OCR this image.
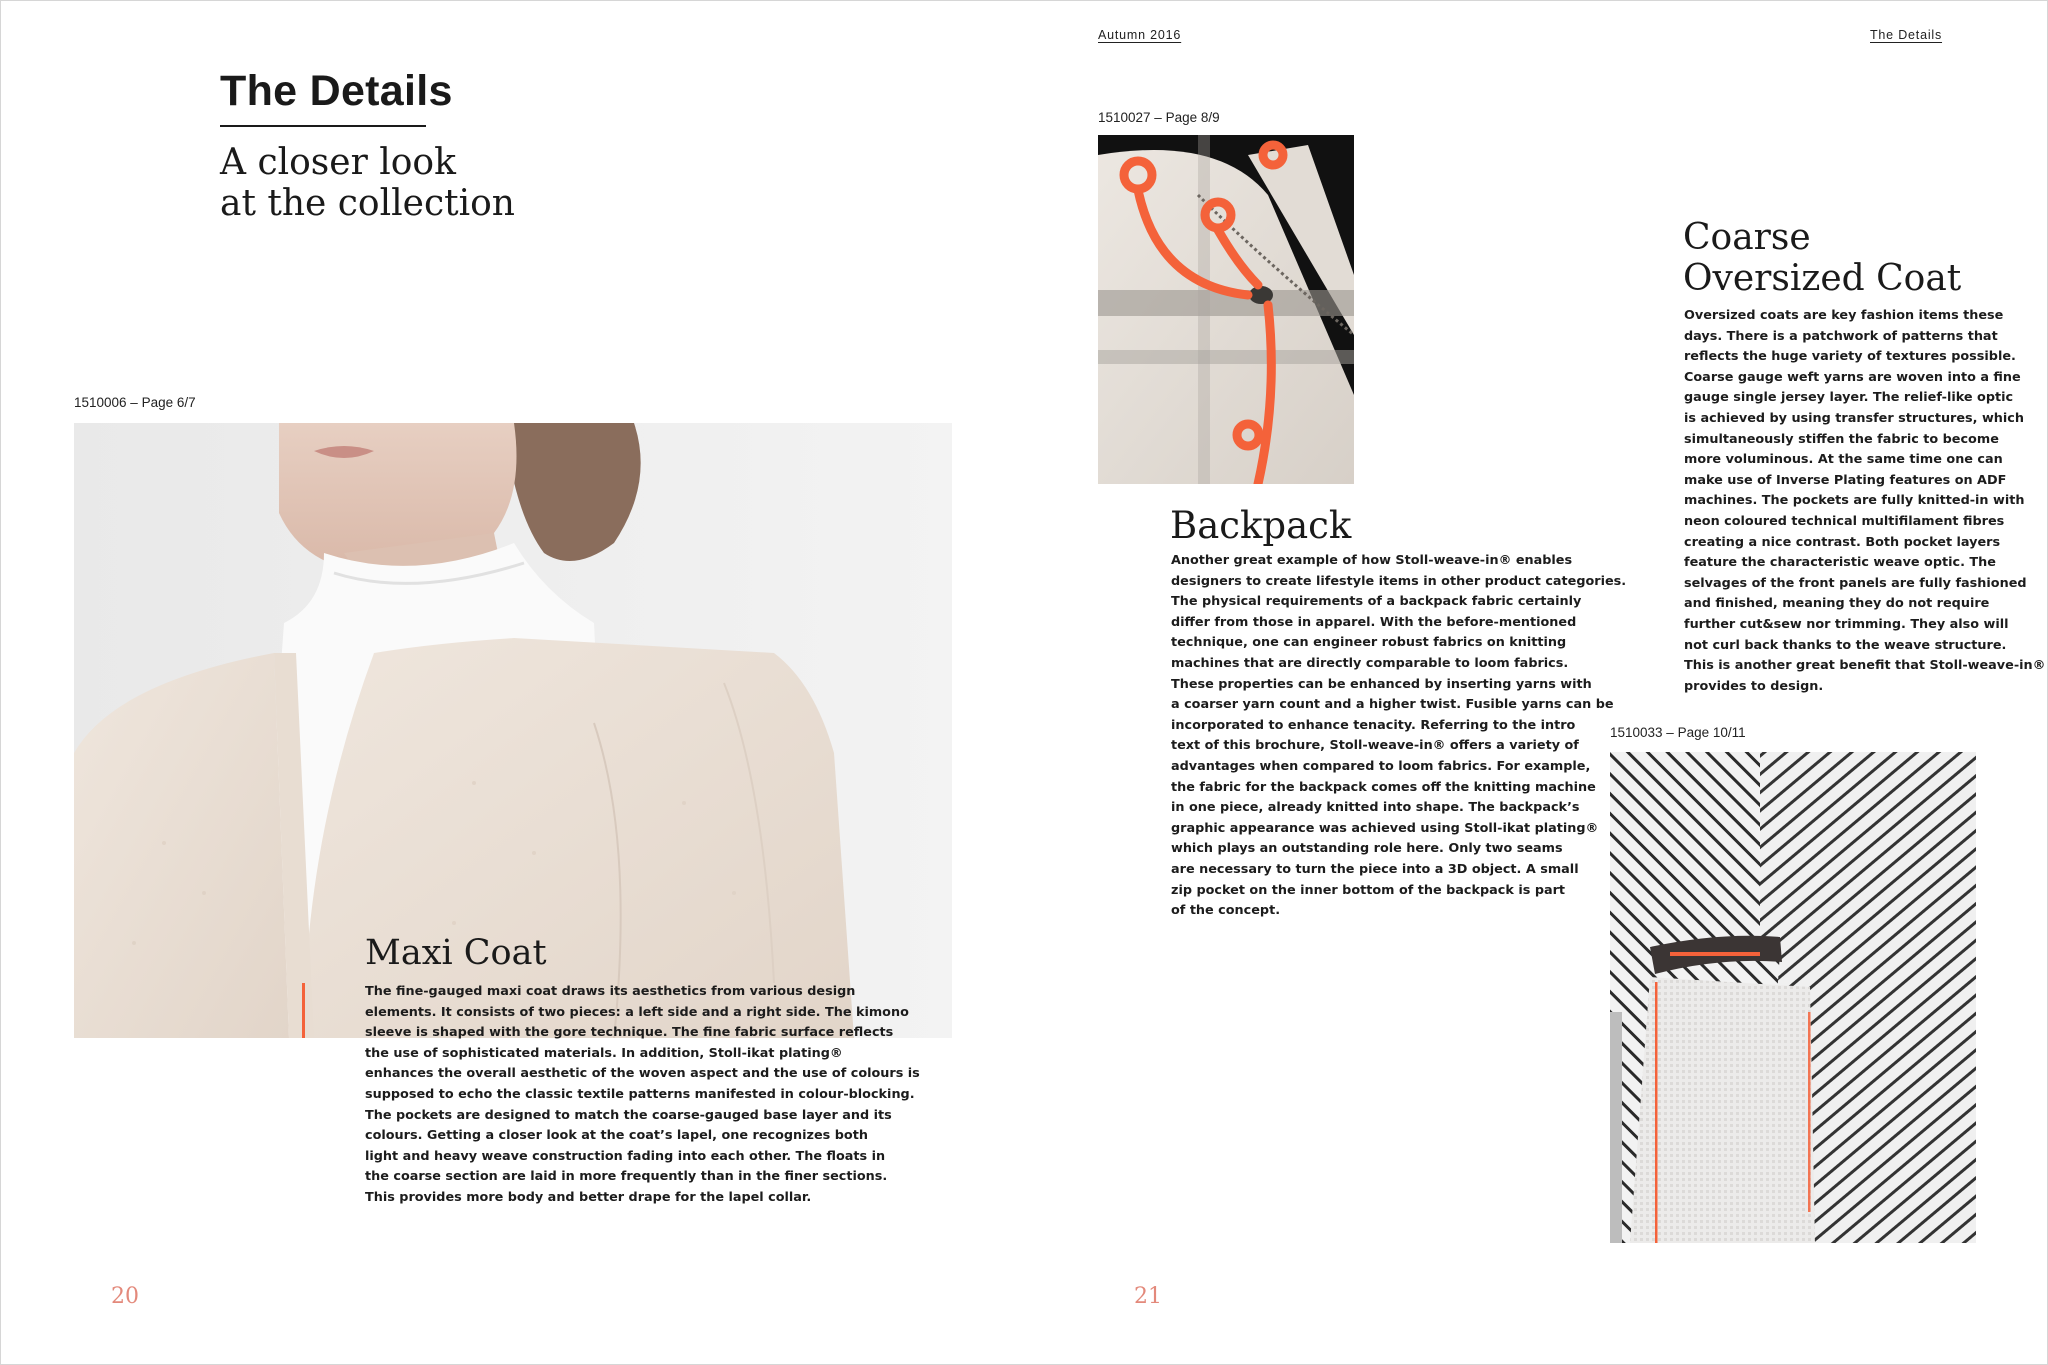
The Details
A closer look
at the collection
1510006 – Page 6/7
Maxi Coat
The fine-gauged maxi coat draws its aesthetics from various design
elements. It consists of two pieces: a left side and a right side. The kimono
sleeve is shaped with the gore technique. The fine fabric surface reflects
the use of sophisticated materials. In addition, Stoll-ikat plating®
enhances the overall aesthetic of the woven aspect and the use of colours is
supposed to echo the classic textile patterns manifested in colour-blocking.
The pockets are designed to match the coarse-gauged base layer and its
colours. Getting a closer look at the coat’s lapel, one recognizes both
light and heavy weave construction fading into each other. The floats in
the coarse section are laid in more frequently than in the finer sections.
This provides more body and better drape for the lapel collar.
20
Autumn 2016	The Details
1510027 – Page 8/9
Backpack
Another great example of how Stoll-weave-in® enables
designers to create lifestyle items in other product categories.
The physical requirements of a backpack fabric certainly
differ from those in apparel. With the before-mentioned
technique, one can engineer robust fabrics on knitting
machines that are directly comparable to loom fabrics.
These properties can be enhanced by inserting yarns with
a coarser yarn count and a higher twist. Fusible yarns can be
incorporated to enhance tenacity. Referring to the intro
text of this brochure, Stoll-weave-in® offers a variety of
advantages when compared to loom fabrics. For example,
the fabric for the backpack comes off the knitting machine
in one piece, already knitted into shape. The backpack’s
graphic appearance was achieved using Stoll-ikat plating®
which plays an outstanding role here. Only two seams
are necessary to turn the piece into a 3D object. A small
zip pocket on the inner bottom of the backpack is part
of the concept.
Coarse
Oversized Coat
Oversized coats are key fashion items these
days. There is a patchwork of patterns that
reflects the huge variety of textures possible.
Coarse gauge weft yarns are woven into a fine
gauge single jersey layer. The relief-like optic
is achieved by using transfer structures, which
simultaneously stiffen the fabric to become
more voluminous. At the same time one can
make use of Inverse Plating features on ADF
machines. The pockets are fully knitted-in with
neon coloured technical multifilament fibres
creating a nice contrast. Both pocket layers
feature the characteristic weave optic. The
selvages of the front panels are fully fashioned
and finished, meaning they do not require
further cut&sew nor trimming. They also will
not curl back thanks to the weave structure.
This is another great benefit that Stoll-weave-in®
provides to design.
1510033 – Page 10/11
21
